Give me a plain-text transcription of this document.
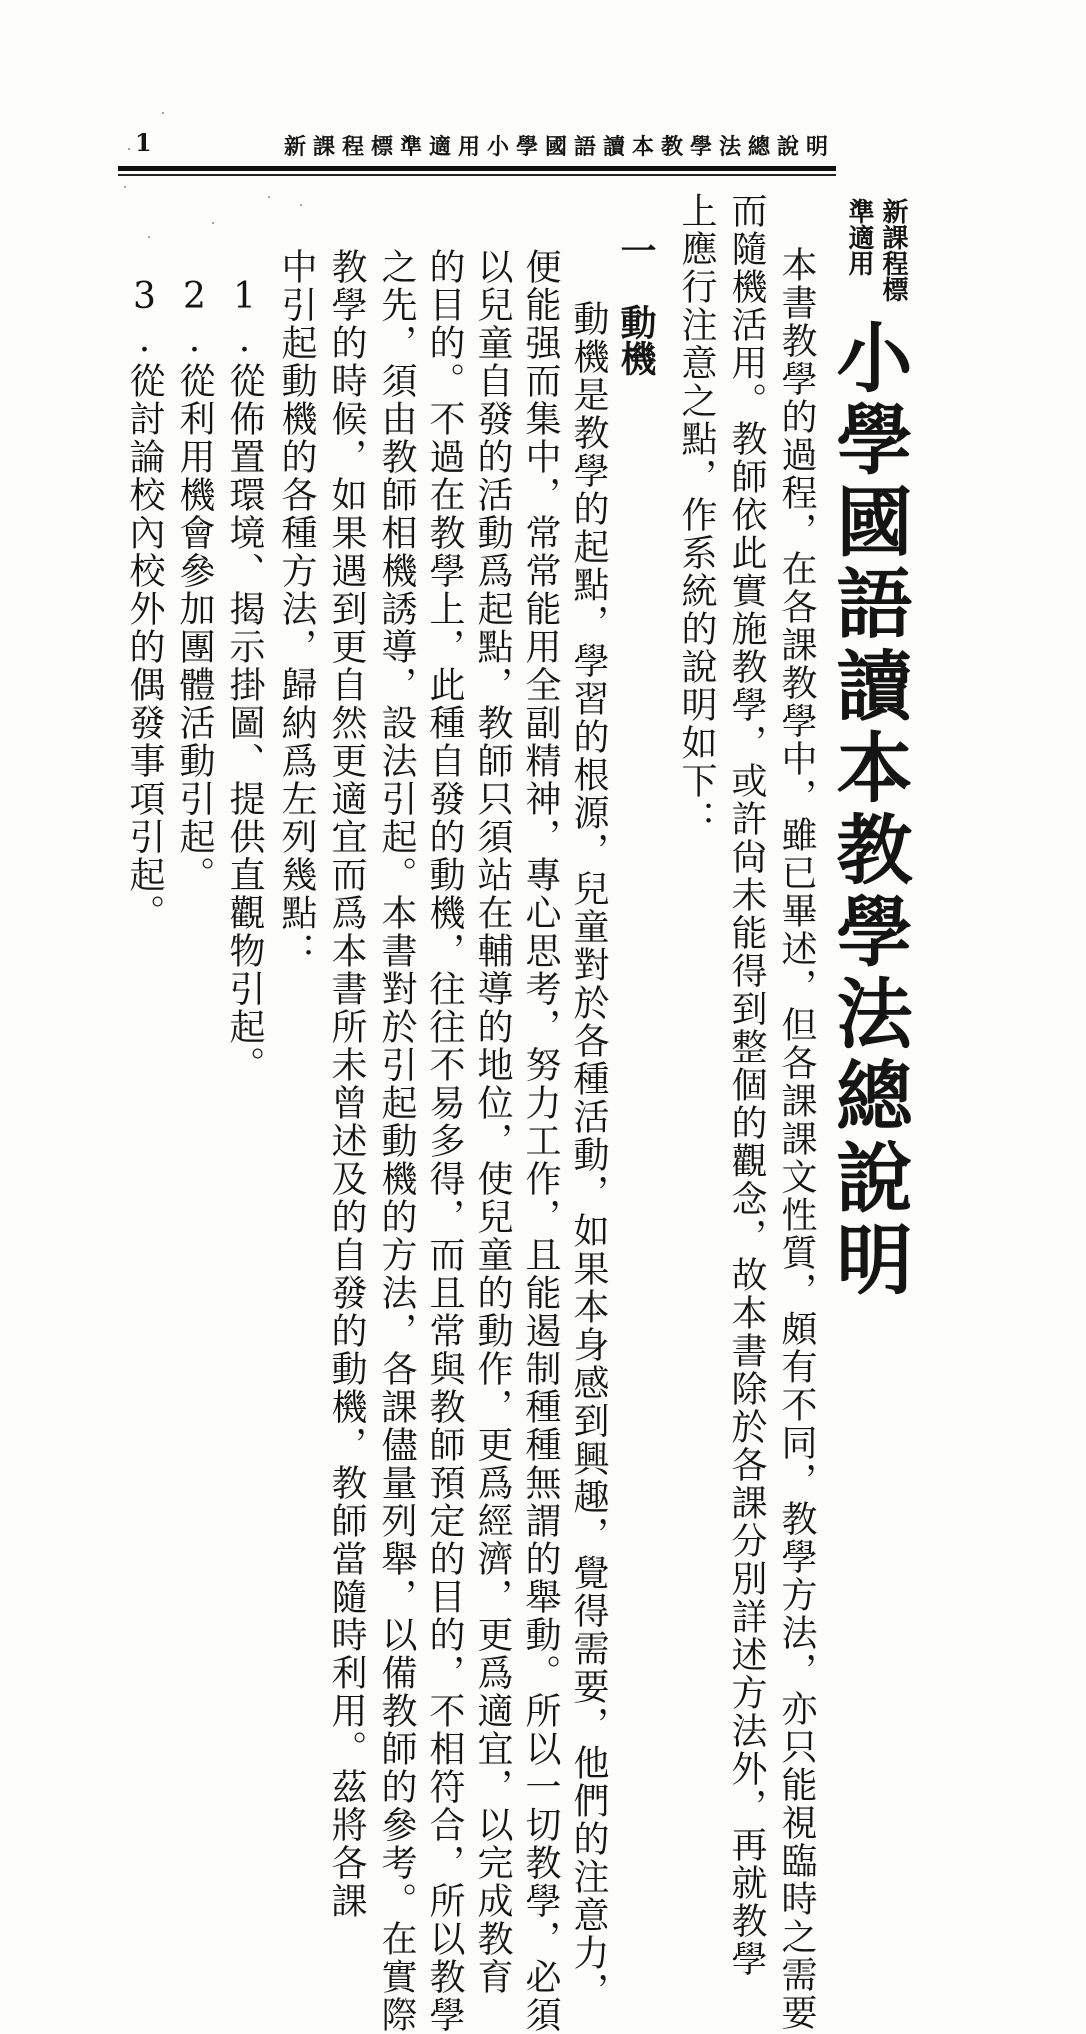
1	新課程標準適用小學國語讀本教學法總說明
新課程標準適用
小學國語讀本教學法總說明
本書教學的過程，在各課教學中，雖已畢述，但各課課文性質，頗有不同，教學方法，亦只能視臨時之需要
而隨機活用。教師依此實施教學，或許尙未能得到整個的觀念，故本書除於各課分別詳述方法外，再就教學
上應行注意之點，作系統的說明如下：
一　動機
動機是教學的起點，學習的根源，兒童對於各種活動，如果本身感到興趣，覺得需要，他們的注意力，
便能强而集中，常常能用全副精神，專心思考，努力工作，且能遏制種種無謂的舉動。所以一切教學，必須
以兒童自發的活動爲起點，教師只須站在輔導的地位，使兒童的動作，更爲經濟，更爲適宜，以完成教育
的目的。不過在教學上，此種自發的動機，往往不易多得，而且常與教師預定的目的，不相符合，所以教學
之先，須由教師相機誘導，設法引起。本書對於引起動機的方法，各課儘量列舉，以備教師的參考。在實際
教學的時候，如果遇到更自然更適宜而爲本書所未曾述及的自發的動機，教師當隨時利用。茲將各課
中引起動機的各種方法，歸納爲左列幾點：
1.從佈置環境、揭示掛圖、提供直觀物引起。
2.從利用機會參加團體活動引起。
3.從討論校內校外的偶發事項引起。
